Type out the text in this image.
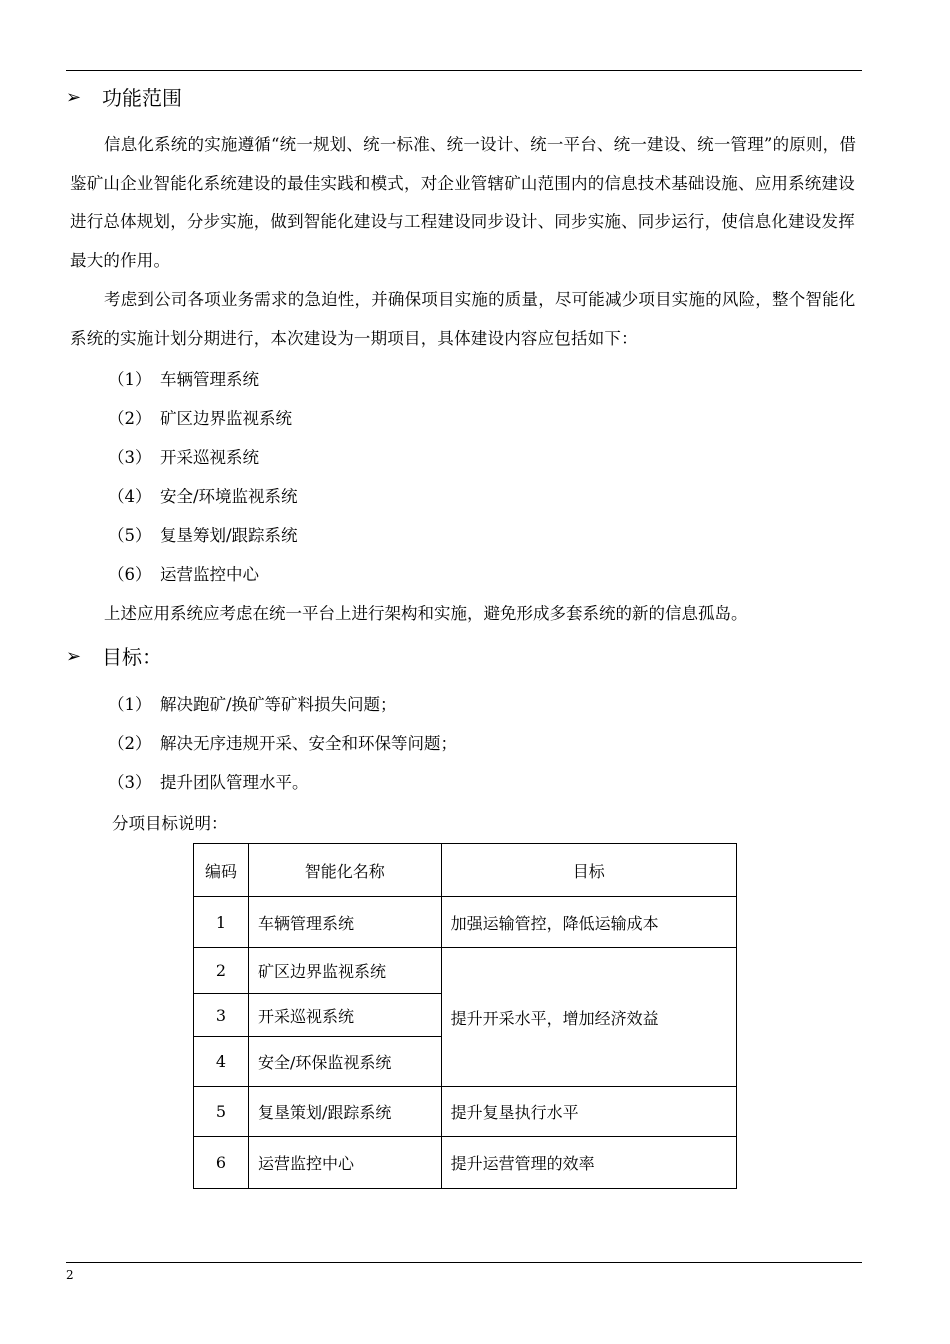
➢	功能范围

信息化系统的实施遵循“统一规划、统一标准、统一设计、统一平台、统一建设、统一管理”的原则，借鉴矿山企业智能化系统建设的最佳实践和模式，对企业管辖矿山范围内的信息技术基础设施、应用系统建设进行总体规划，分步实施，做到智能化建设与工程建设同步设计、同步实施、同步运行，使信息化建设发挥最大的作用。

考虑到公司各项业务需求的急迫性，并确保项目实施的质量，尽可能减少项目实施的风险，整个智能化系统的实施计划分期进行，本次建设为一期项目，具体建设内容应包括如下：

（1） 车辆管理系统
（2） 矿区边界监视系统
（3） 开采巡视系统
（4） 安全/环境监视系统
（5） 复垦筹划/跟踪系统
（6） 运营监控中心
上述应用系统应考虑在统一平台上进行架构和实施，避免形成多套系统的新的信息孤岛。
➢	目标：
（1） 解决跑矿/换矿等矿料损失问题；
（2） 解决无序违规开采、安全和环保等问题；
（3） 提升团队管理水平。
分项目标说明：
编码	智能化名称	目标
1	车辆管理系统	加强运输管控，降低运输成本
2	矿区边界监视系统	提升开采水平，增加经济效益
3	开采巡视系统	
4	安全/环保监视系统	
5	复垦策划/跟踪系统	提升复垦执行水平
6	运营监控中心	提升运营管理的效率
2
